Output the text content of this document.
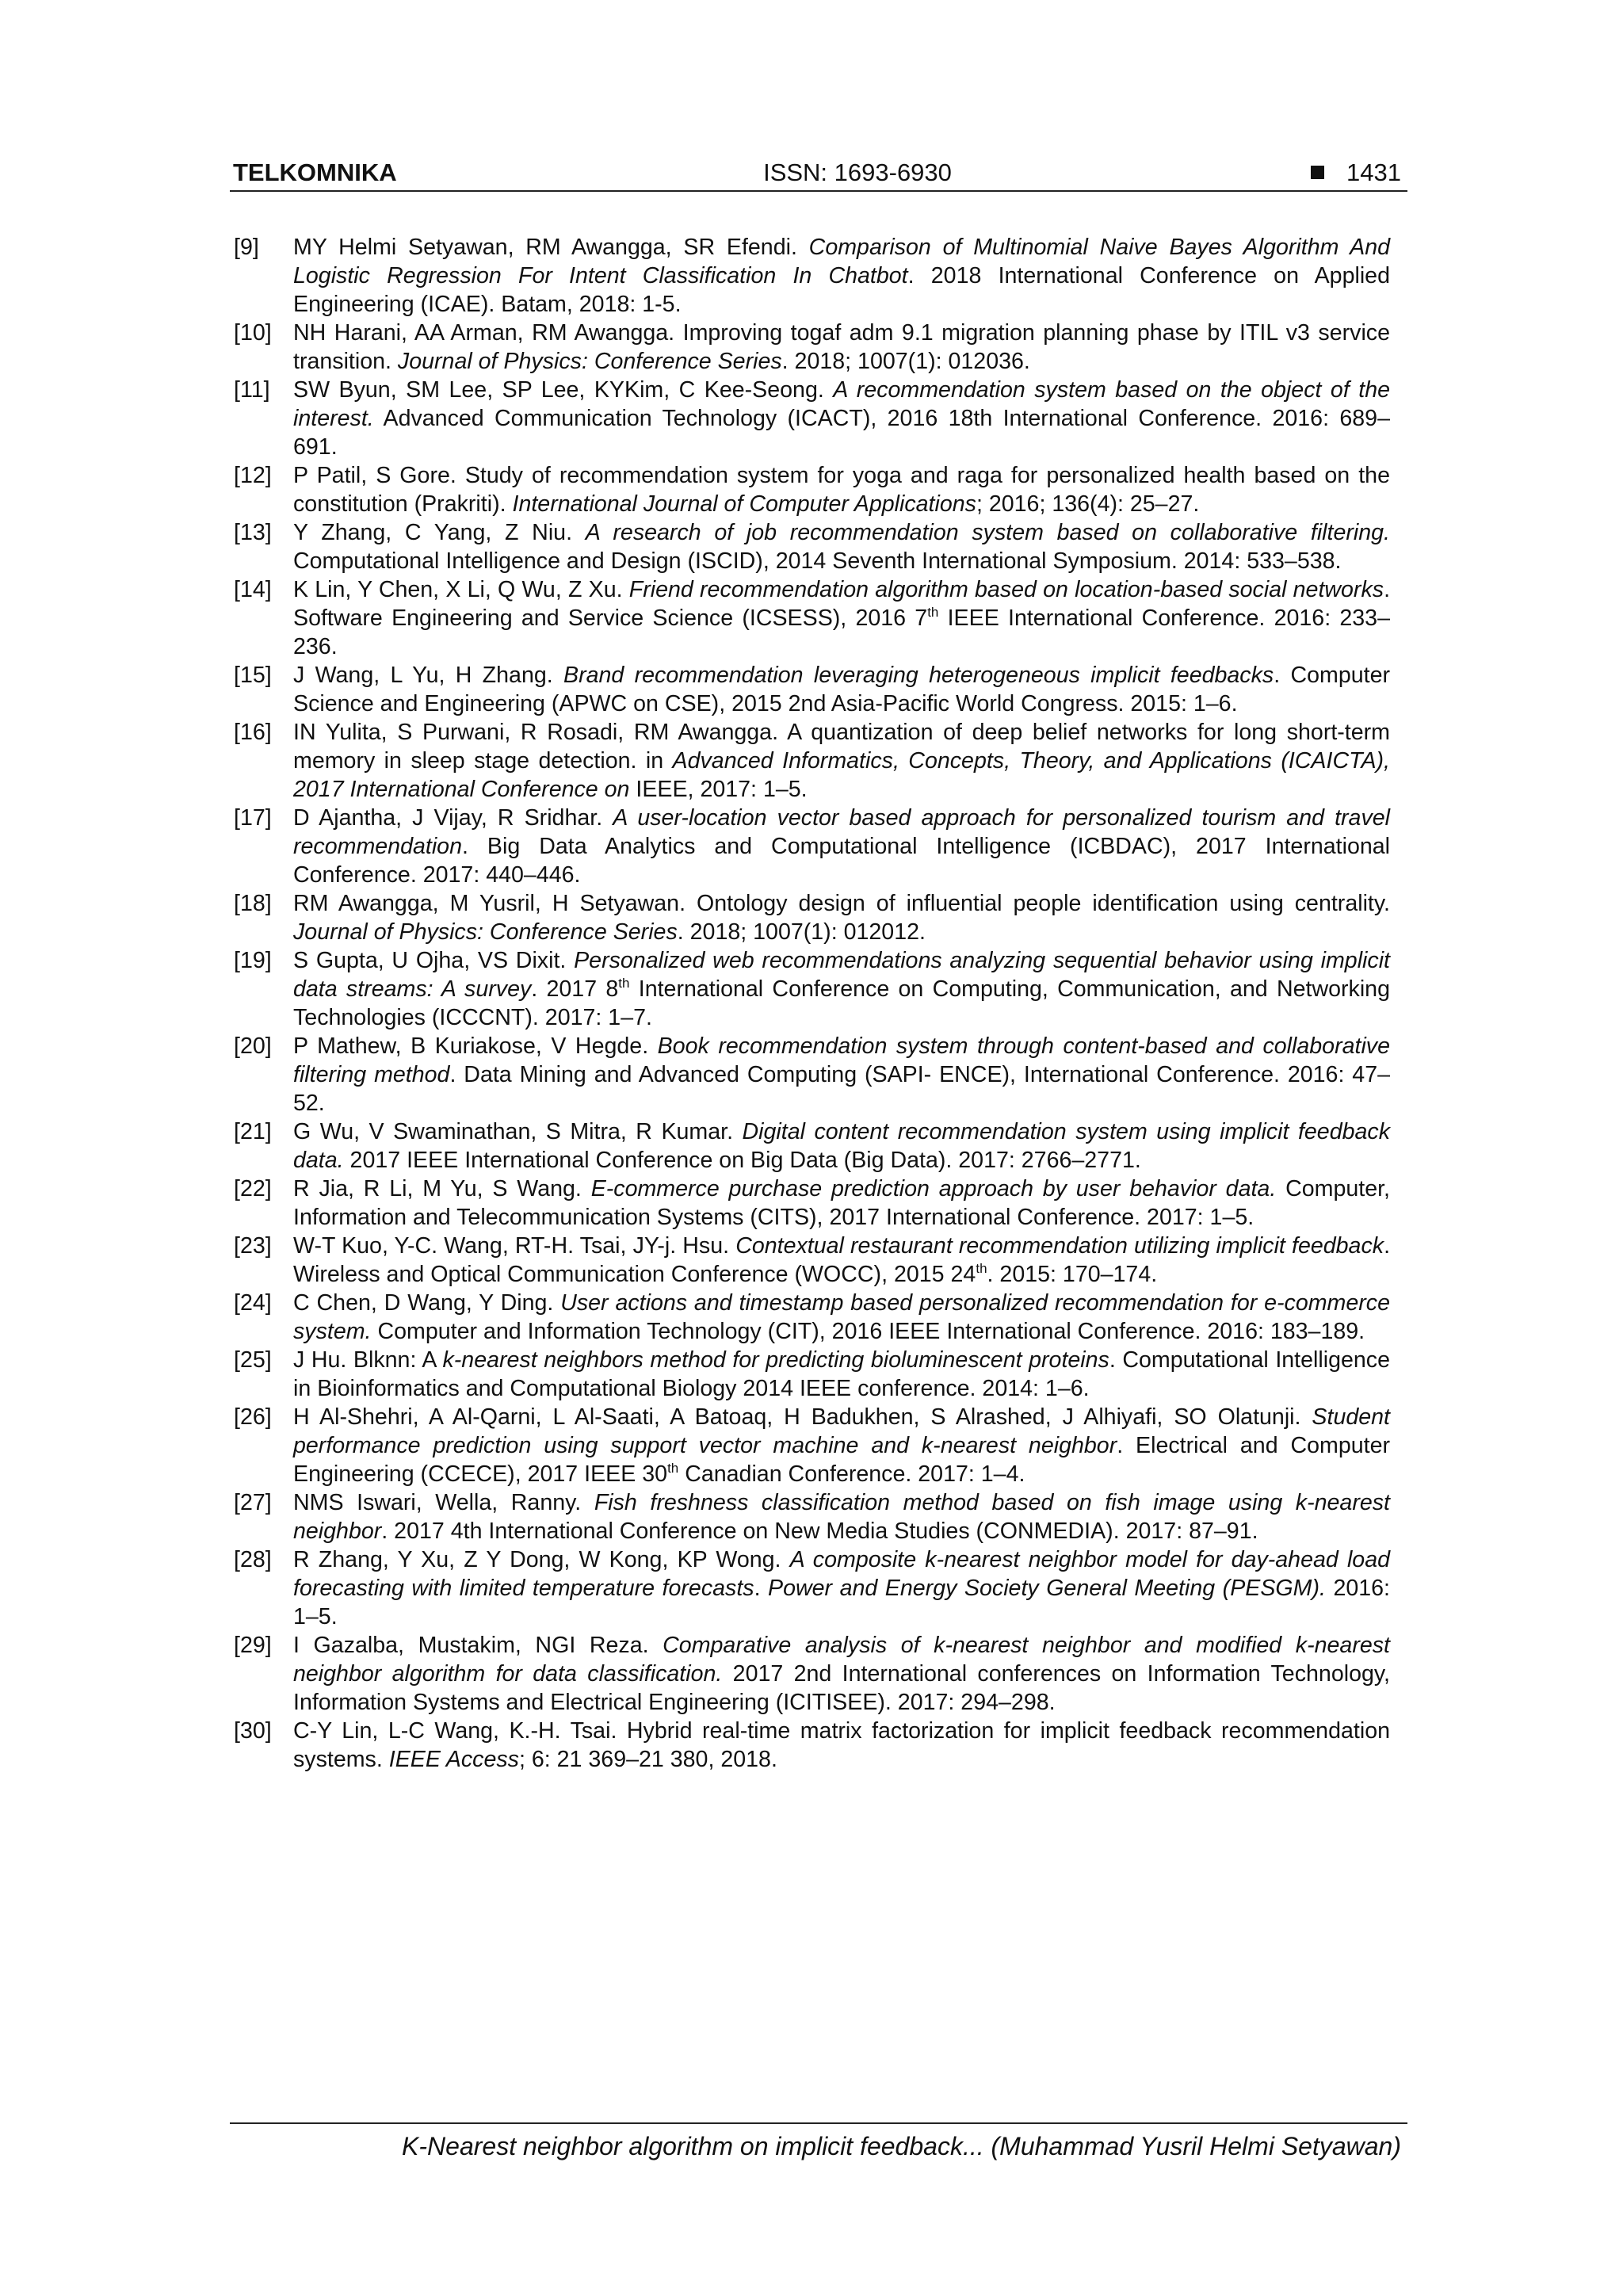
TELKOMNIKA	ISSN: 1693-6930	1431
[9] MY Helmi Setyawan, RM Awangga, SR Efendi. Comparison of Multinomial Naive Bayes Algorithm And Logistic Regression For Intent Classification In Chatbot. 2018 International Conference on Applied Engineering (ICAE). Batam, 2018: 1-5.
[10] NH Harani, AA Arman, RM Awangga. Improving togaf adm 9.1 migration planning phase by ITIL v3 service transition. Journal of Physics: Conference Series. 2018; 1007(1): 012036.
[11] SW Byun, SM Lee, SP Lee, KYKim, C Kee-Seong. A recommendation system based on the object of the interest. Advanced Communication Technology (ICACT), 2016 18th International Conference. 2016: 689–691.
[12] P Patil, S Gore. Study of recommendation system for yoga and raga for personalized health based on the constitution (Prakriti). International Journal of Computer Applications; 2016; 136(4): 25–27.
[13] Y Zhang, C Yang, Z Niu. A research of job recommendation system based on collaborative filtering. Computational Intelligence and Design (ISCID), 2014 Seventh International Symposium. 2014: 533–538.
[14] K Lin, Y Chen, X Li, Q Wu, Z Xu. Friend recommendation algorithm based on location-based social networks. Software Engineering and Service Science (ICSESS), 2016 7th IEEE International Conference. 2016: 233–236.
[15] J Wang, L Yu, H Zhang. Brand recommendation leveraging heterogeneous implicit feedbacks. Computer Science and Engineering (APWC on CSE), 2015 2nd Asia-Pacific World Congress. 2015: 1–6.
[16] IN Yulita, S Purwani, R Rosadi, RM Awangga. A quantization of deep belief networks for long short-term memory in sleep stage detection. in Advanced Informatics, Concepts, Theory, and Applications (ICAICTA), 2017 International Conference on IEEE, 2017: 1–5.
[17] D Ajantha, J Vijay, R Sridhar. A user-location vector based approach for personalized tourism and travel recommendation. Big Data Analytics and Computational Intelligence (ICBDAC), 2017 International Conference. 2017: 440–446.
[18] RM Awangga, M Yusril, H Setyawan. Ontology design of influential people identification using centrality. Journal of Physics: Conference Series. 2018; 1007(1): 012012.
[19] S Gupta, U Ojha, VS Dixit. Personalized web recommendations analyzing sequential behavior using implicit data streams: A survey. 2017 8th International Conference on Computing, Communication, and Networking Technologies (ICCCNT). 2017: 1–7.
[20] P Mathew, B Kuriakose, V Hegde. Book recommendation system through content-based and collaborative filtering method. Data Mining and Advanced Computing (SAPI- ENCE), International Conference. 2016: 47–52.
[21] G Wu, V Swaminathan, S Mitra, R Kumar. Digital content recommendation system using implicit feedback data. 2017 IEEE International Conference on Big Data (Big Data). 2017: 2766–2771.
[22] R Jia, R Li, M Yu, S Wang. E-commerce purchase prediction approach by user behavior data. Computer, Information and Telecommunication Systems (CITS), 2017 International Conference. 2017: 1–5.
[23] W-T Kuo, Y-C. Wang, RT-H. Tsai, JY-j. Hsu. Contextual restaurant recommendation utilizing implicit feedback. Wireless and Optical Communication Conference (WOCC), 2015 24th. 2015: 170–174.
[24] C Chen, D Wang, Y Ding. User actions and timestamp based personalized recommendation for e-commerce system. Computer and Information Technology (CIT), 2016 IEEE International Conference. 2016: 183–189.
[25] J Hu. Blknn: A k-nearest neighbors method for predicting bioluminescent proteins. Computational Intelligence in Bioinformatics and Computational Biology 2014 IEEE conference. 2014: 1–6.
[26] H Al-Shehri, A Al-Qarni, L Al-Saati, A Batoaq, H Badukhen, S Alrashed, J Alhiyafi, SO Olatunji. Student performance prediction using support vector machine and k-nearest neighbor. Electrical and Computer Engineering (CCECE), 2017 IEEE 30th Canadian Conference. 2017: 1–4.
[27] NMS Iswari, Wella, Ranny. Fish freshness classification method based on fish image using k-nearest neighbor. 2017 4th International Conference on New Media Studies (CONMEDIA). 2017: 87–91.
[28] R Zhang, Y Xu, Z Y Dong, W Kong, KP Wong. A composite k-nearest neighbor model for day-ahead load forecasting with limited temperature forecasts. Power and Energy Society General Meeting (PESGM). 2016: 1–5.
[29] I Gazalba, Mustakim, NGI Reza. Comparative analysis of k-nearest neighbor and modified k-nearest neighbor algorithm for data classification. 2017 2nd International conferences on Information Technology, Information Systems and Electrical Engineering (ICITISEE). 2017: 294–298.
[30] C-Y Lin, L-C Wang, K.-H. Tsai. Hybrid real-time matrix factorization for implicit feedback recommendation systems. IEEE Access; 6: 21 369–21 380, 2018.
K-Nearest neighbor algorithm on implicit feedback... (Muhammad Yusril Helmi Setyawan)
